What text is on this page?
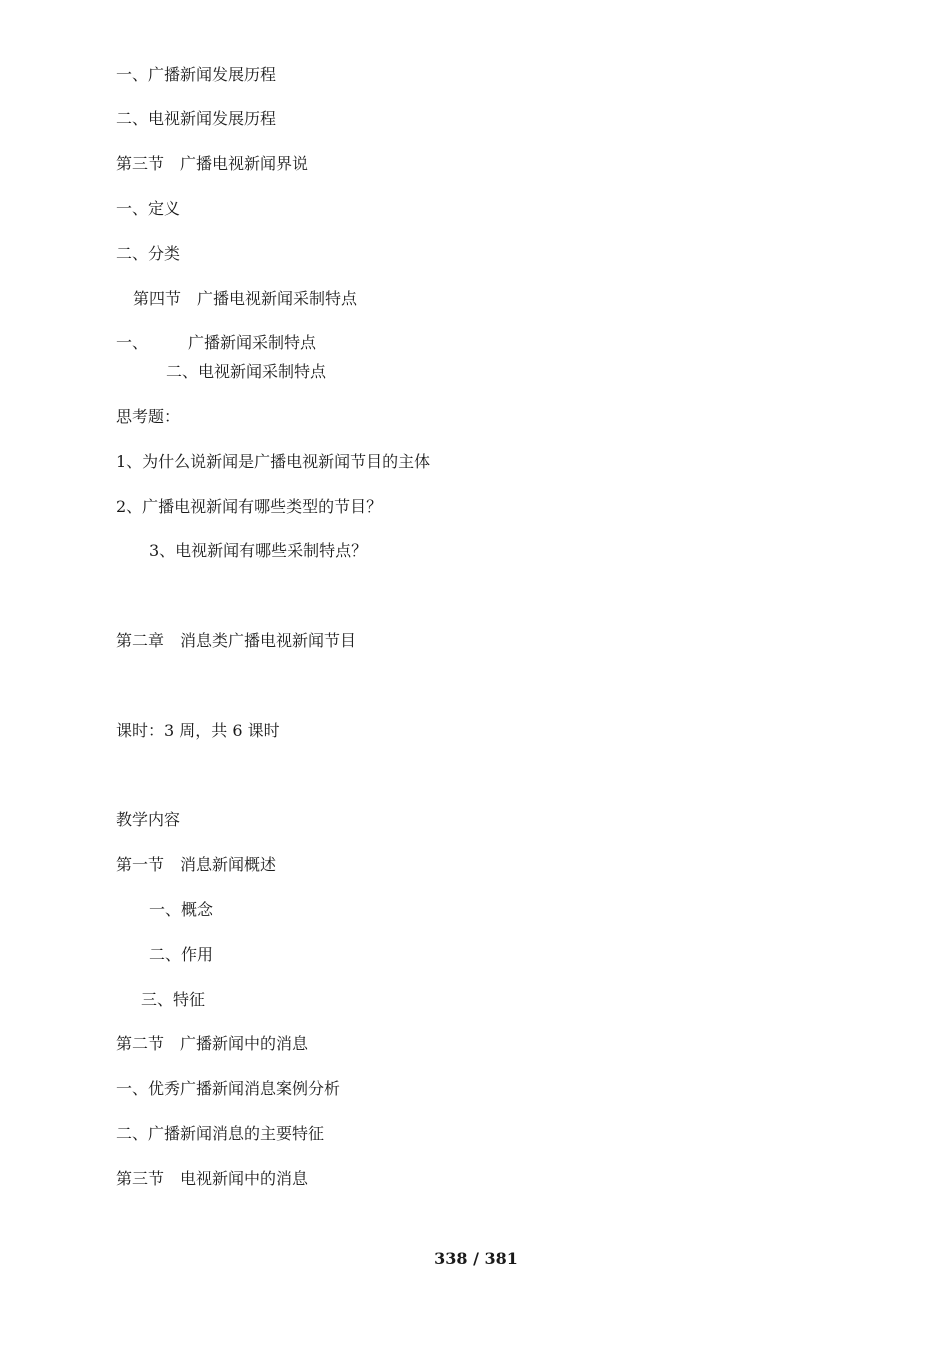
一、广播新闻发展历程
二、电视新闻发展历程
第三节　广播电视新闻界说
一、定义
二、分类
第四节　广播电视新闻采制特点
一、　　　广播新闻采制特点
二、电视新闻采制特点
思考题：
1、为什么说新闻是广播电视新闻节目的主体
2、广播电视新闻有哪些类型的节目？
3、电视新闻有哪些采制特点？
第二章　消息类广播电视新闻节目
课时：3 周，共 6 课时
教学内容
第一节　消息新闻概述
一、概念
二、作用
三、特征
第二节　广播新闻中的消息
一、优秀广播新闻消息案例分析
二、广播新闻消息的主要特征
第三节　电视新闻中的消息
338 / 381
